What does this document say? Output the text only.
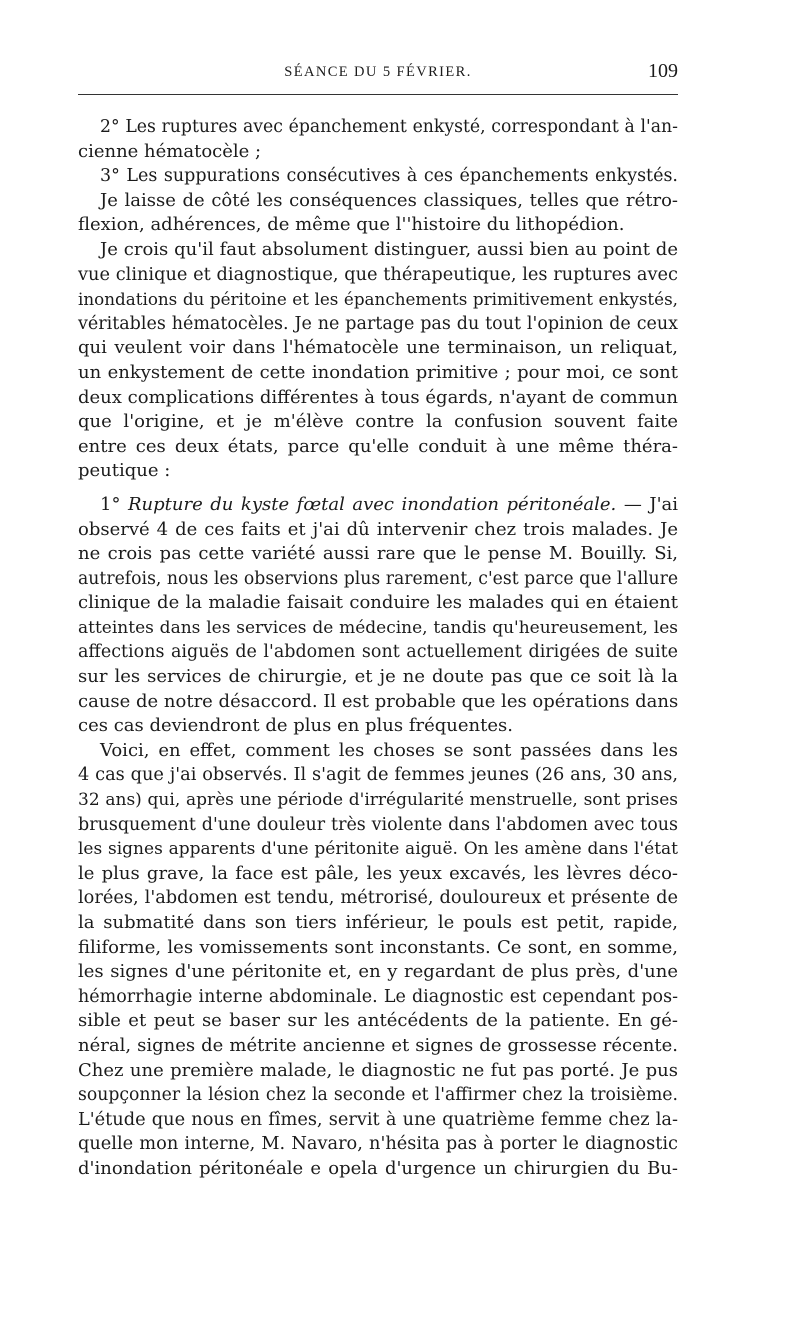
SÉANCE DU 5 FÉVRIER.	109
2° Les ruptures avec épanchement enkysté, correspondant à l'an-
cienne hématocèle ;
3° Les suppurations consécutives à ces épanchements enkystés.
Je laisse de côté les conséquences classiques, telles que rétro-
flexion, adhérences, de même que l''histoire du lithopédion.
Je crois qu'il faut absolument distinguer, aussi bien au point de
vue clinique et diagnostique, que thérapeutique, les ruptures avec
inondations du péritoine et les épanchements primitivement enkystés,
véritables hématocèles. Je ne partage pas du tout l'opinion de ceux
qui veulent voir dans l'hématocèle une terminaison, un reliquat,
un enkystement de cette inondation primitive ; pour moi, ce sont
deux complications différentes à tous égards, n'ayant de commun
que l'origine, et je m'élève contre la confusion souvent faite
entre ces deux états, parce qu'elle conduit à une même théra-
peutique :
1° Rupture du kyste fœtal avec inondation péritonéale. — J'ai
observé 4 de ces faits et j'ai dû intervenir chez trois malades. Je
ne crois pas cette variété aussi rare que le pense M. Bouilly. Si,
autrefois, nous les observions plus rarement, c'est parce que l'allure
clinique de la maladie faisait conduire les malades qui en étaient
atteintes dans les services de médecine, tandis qu'heureusement, les
affections aiguës de l'abdomen sont actuellement dirigées de suite
sur les services de chirurgie, et je ne doute pas que ce soit là la
cause de notre désaccord. Il est probable que les opérations dans
ces cas deviendront de plus en plus fréquentes.
Voici, en effet, comment les choses se sont passées dans les
4 cas que j'ai observés. Il s'agit de femmes jeunes (26 ans, 30 ans,
32 ans) qui, après une période d'irrégularité menstruelle, sont prises
brusquement d'une douleur très violente dans l'abdomen avec tous
les signes apparents d'une péritonite aiguë. On les amène dans l'état
le plus grave, la face est pâle, les yeux excavés, les lèvres déco-
lorées, l'abdomen est tendu, métrorisé, douloureux et présente de
la submatité dans son tiers inférieur, le pouls est petit, rapide,
filiforme, les vomissements sont inconstants. Ce sont, en somme,
les signes d'une péritonite et, en y regardant de plus près, d'une
hémorrhagie interne abdominale. Le diagnostic est cependant pos-
sible et peut se baser sur les antécédents de la patiente. En gé-
néral, signes de métrite ancienne et signes de grossesse récente.
Chez une première malade, le diagnostic ne fut pas porté. Je pus
soupçonner la lésion chez la seconde et l'affirmer chez la troisième.
L'étude que nous en fîmes, servit à une quatrième femme chez la-
quelle mon interne, M. Navaro, n'hésita pas à porter le diagnostic
d'inondation péritonéale e opela d'urgence un chirurgien du Bu-
